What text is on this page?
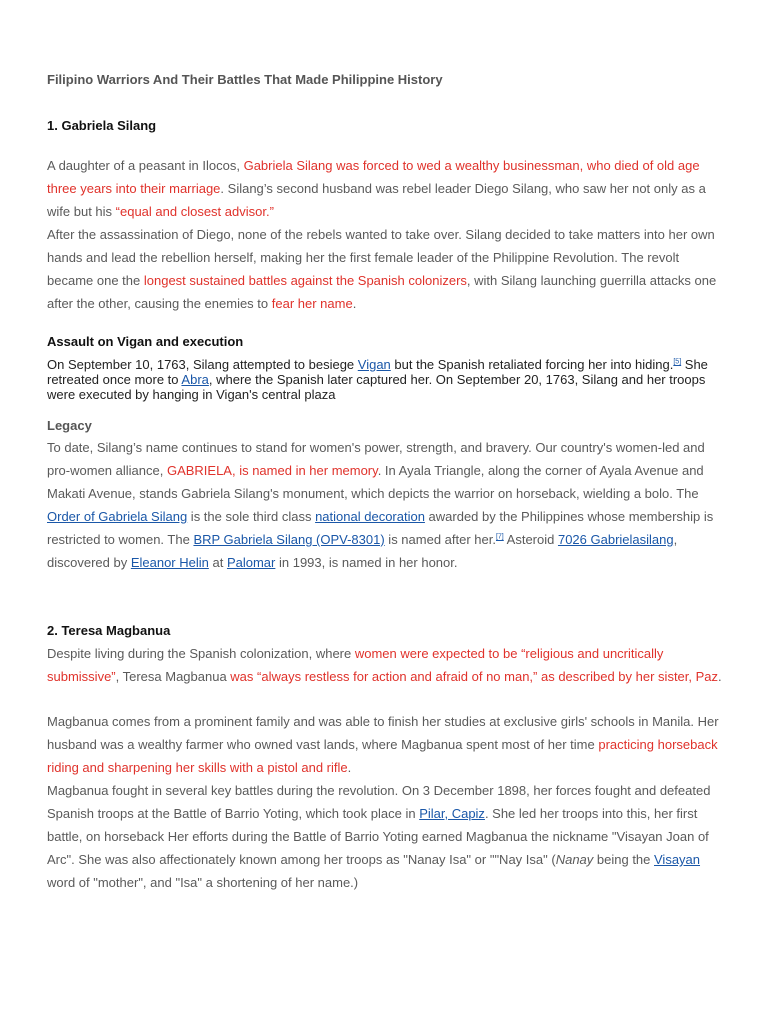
Filipino Warriors And Their Battles That Made Philippine History

1. Gabriela Silang

A daughter of a peasant in Ilocos, Gabriela Silang was forced to wed a wealthy businessman, who died of old age three years into their marriage. Silang’s second husband was rebel leader Diego Silang, who saw her not only as a wife but his “equal and closest advisor.”

After the assassination of Diego, none of the rebels wanted to take over. Silang decided to take matters into her own hands and lead the rebellion herself, making her the first female leader of the Philippine Revolution. The revolt became one the longest sustained battles against the Spanish colonizers, with Silang launching guerrilla attacks one after the other, causing the enemies to fear her name.

Assault on Vigan and execution

On September 10, 1763, Silang attempted to besiege Vigan but the Spanish retaliated forcing her into hiding.[5] She retreated once more to Abra, where the Spanish later captured her. On September 20, 1763, Silang and her troops were executed by hanging in Vigan's central plaza

Legacy

To date, Silang’s name continues to stand for women's power, strength, and bravery. Our country's women-led and pro-women alliance, GABRIELA, is named in her memory. In Ayala Triangle, along the corner of Ayala Avenue and Makati Avenue, stands Gabriela Silang's monument, which depicts the warrior on horseback, wielding a bolo. The Order of Gabriela Silang is the sole third class national decoration awarded by the Philippines whose membership is restricted to women. The BRP Gabriela Silang (OPV-8301) is named after her.[7] Asteroid 7026 Gabrielasilang, discovered by Eleanor Helin at Palomar in 1993, is named in her honor.

2. Teresa Magbanua

Despite living during the Spanish colonization, where women were expected to be “religious and uncritically submissive”, Teresa Magbanua was “always restless for action and afraid of no man,” as described by her sister, Paz.

Magbanua comes from a prominent family and was able to finish her studies at exclusive girls' schools in Manila. Her husband was a wealthy farmer who owned vast lands, where Magbanua spent most of her time practicing horseback riding and sharpening her skills with a pistol and rifle.

Magbanua fought in several key battles during the revolution. On 3 December 1898, her forces fought and defeated Spanish troops at the Battle of Barrio Yoting, which took place in Pilar, Capiz. She led her troops into this, her first battle, on horseback Her efforts during the Battle of Barrio Yoting earned Magbanua the nickname "Visayan Joan of Arc". She was also affectionately known among her troops as "Nanay Isa" or ""Nay Isa" (Nanay being the Visayan word of "mother", and "Isa" a shortening of her name.)
